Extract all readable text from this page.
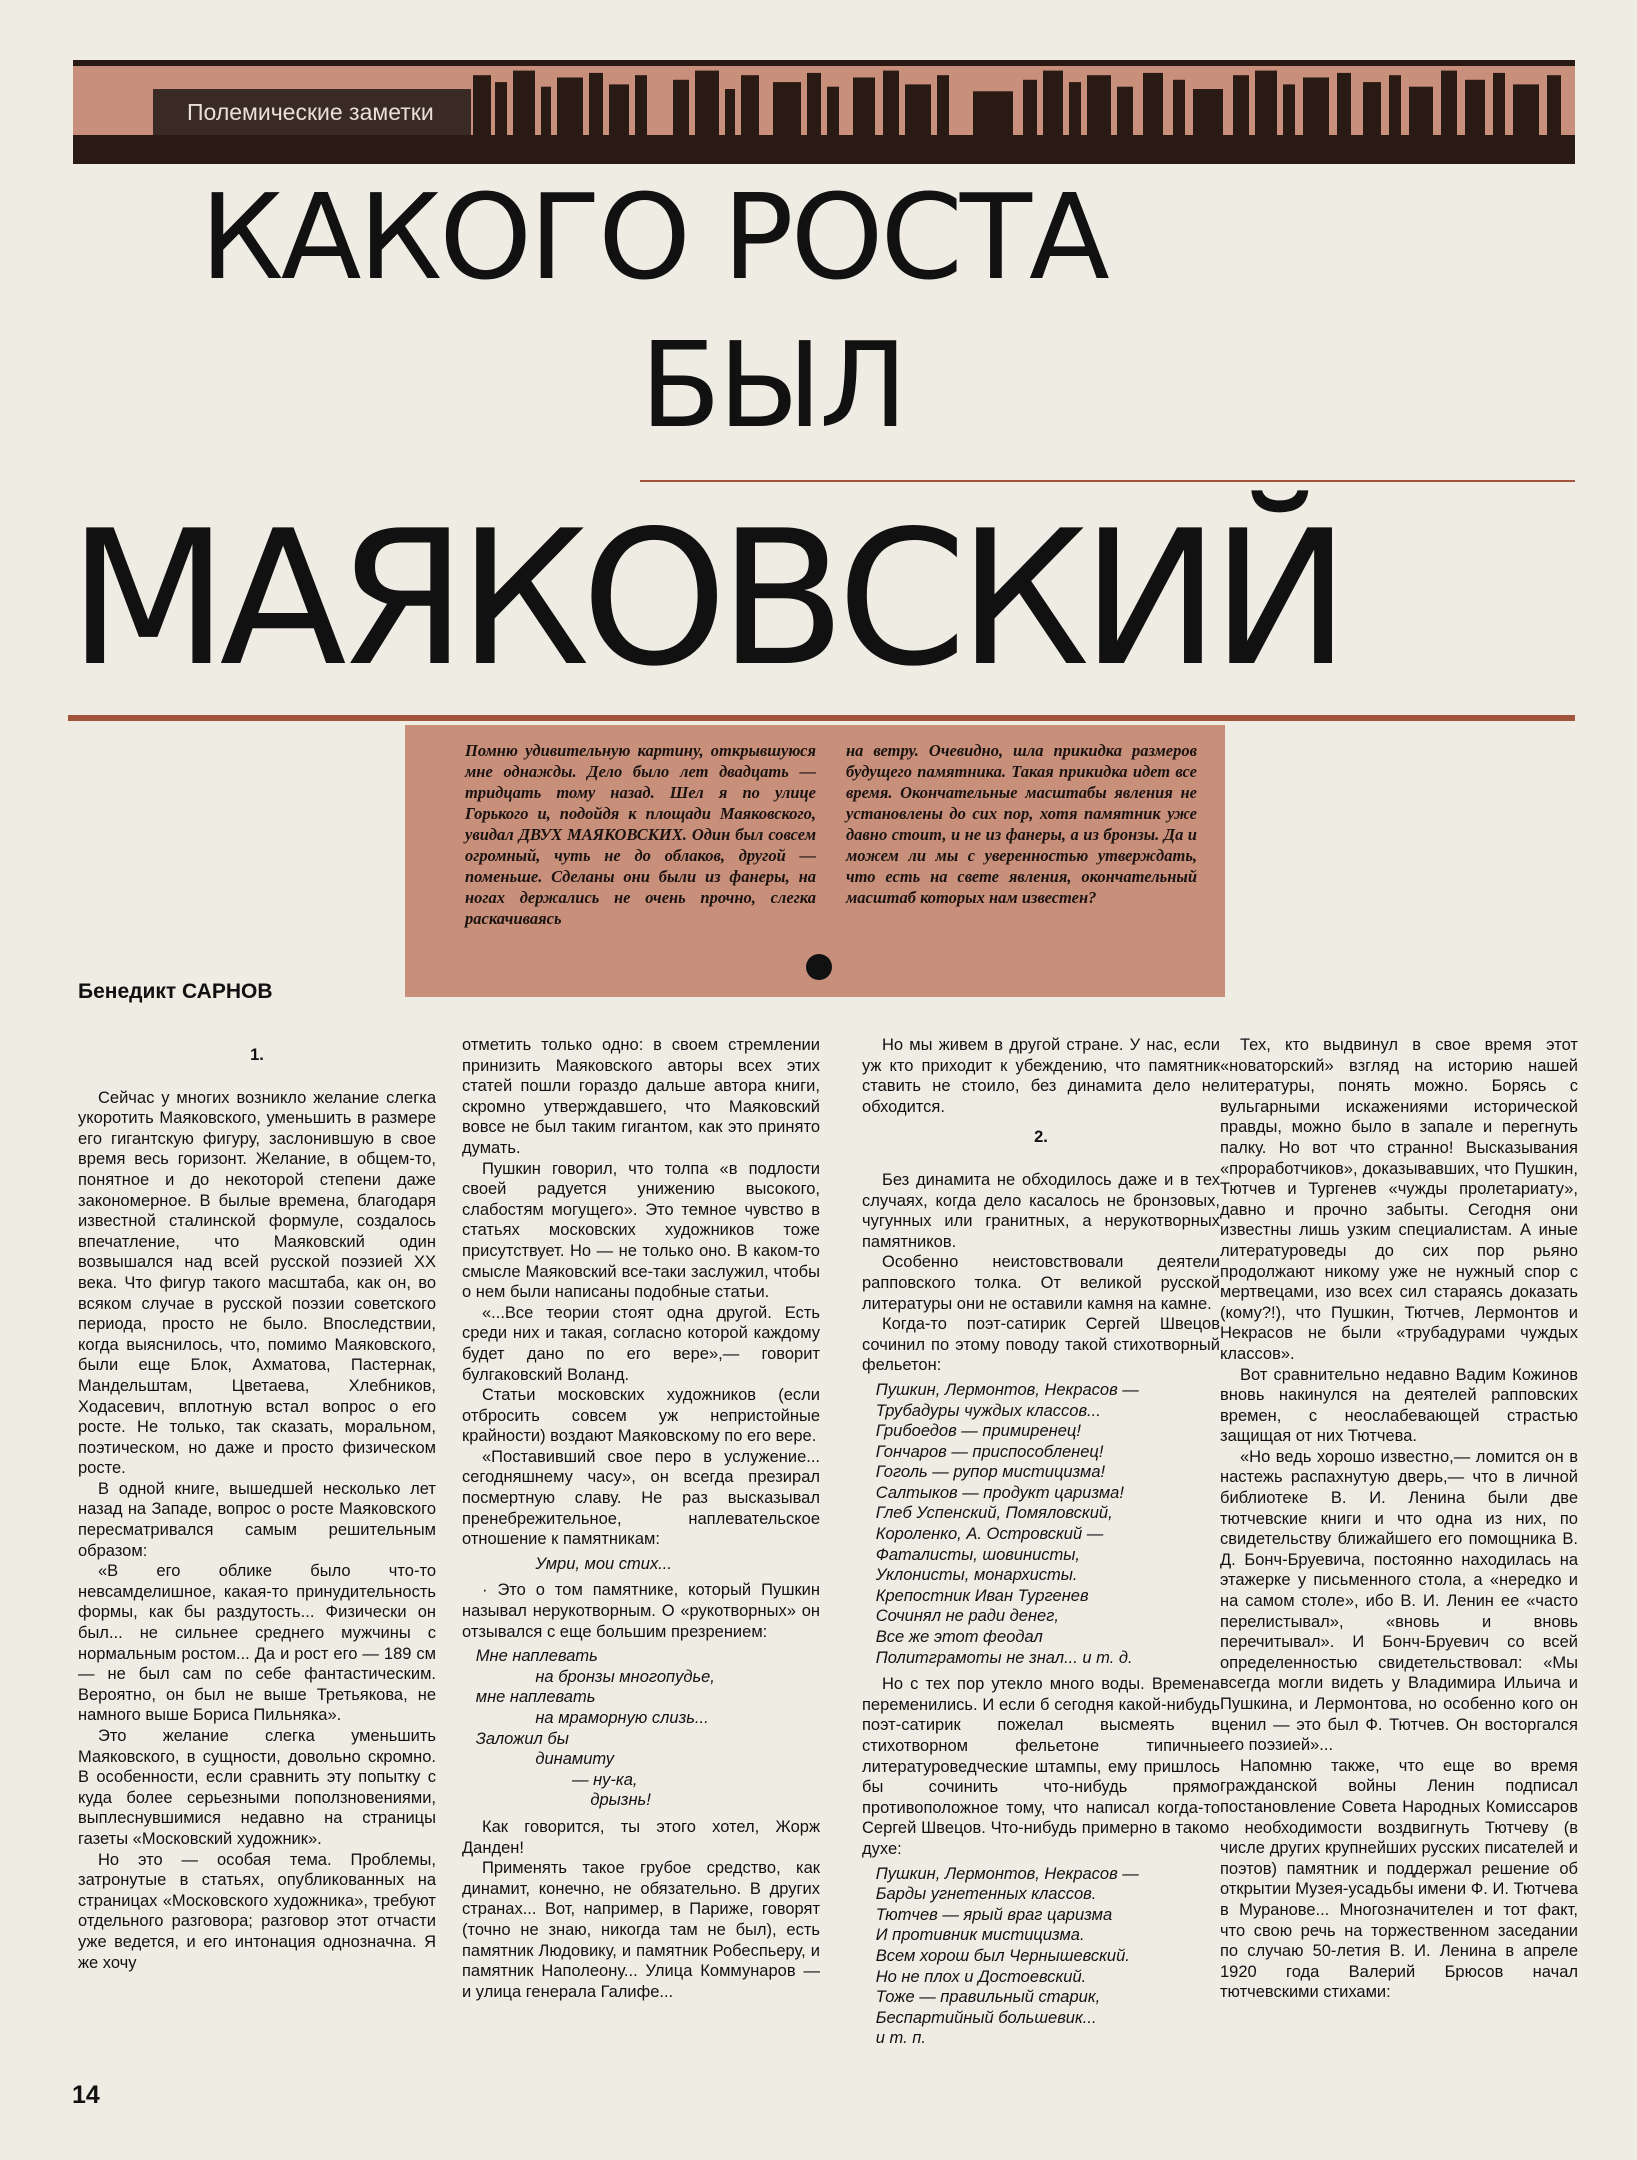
Полемические заметки
КАКОГО РОСТА
БЫЛ
МАЯКОВСКИЙ

Помню удивительную картину, открывшуюся мне однажды. Дело было лет двадцать — тридцать тому назад. Шел я по улице Горького и, подойдя к площади Маяковского, увидал ДВУХ МАЯКОВСКИХ. Один был совсем огромный, чуть не до облаков, другой — поменьше. Сделаны они были из фанеры, на ногах держались не очень прочно, слегка раскачиваясь

на ветру. Очевидно, шла прикидка размеров будущего памятника. Такая прикидка идет все время. Окончательные масштабы явления не установлены до сих пор, хотя памятник уже давно стоит, и не из фанеры, а из бронзы. Да и можем ли мы с уверенностью утверждать, что есть на свете явления, окончательный масштаб которых нам известен?

Бенедикт САРНОВ

1.

Сейчас у многих возникло желание слегка укоротить Маяковского, уменьшить в размере его гигантскую фигуру, заслонившую в свое время весь горизонт. Желание, в общем-то, понятное и до некоторой степени даже закономерное. В былые времена, благодаря известной сталинской формуле, создалось впечатление, что Маяковский один возвышался над всей русской поэзией XX века. Что фигур такого масштаба, как он, во всяком случае в русской поэзии советского периода, просто не было. Впоследствии, когда выяснилось, что, помимо Маяковского, были еще Блок, Ахматова, Пастернак, Мандельштам, Цветаева, Хлебников, Ходасевич, вплотную встал вопрос о его росте. Не только, так сказать, моральном, поэтическом, но даже и просто физическом росте.

В одной книге, вышедшей несколько лет назад на Западе, вопрос о росте Маяковского пересматривался самым решительным образом:

«В его облике было что-то невсамделишное, какая-то принудительность формы, как бы раздутость... Физически он был... не сильнее среднего мужчины с нормальным ростом... Да и рост его — 189 см — не был сам по себе фантастическим. Вероятно, он был не выше Третьякова, не намного выше Бориса Пильняка».

Это желание слегка уменьшить Маяковского, в сущности, довольно скромно. В особенности, если сравнить эту попытку с куда более серьезными поползновениями, выплеснувшимися недавно на страницы газеты «Московский художник».

Но это — особая тема. Проблемы, затронутые в статьях, опубликованных на страницах «Московского художника», требуют отдельного разговора; разговор этот отчасти уже ведется, и его интонация однозначна. Я же хочу

отметить только одно: в своем стремлении принизить Маяковского авторы всех этих статей пошли гораздо дальше автора книги, скромно утверждавшего, что Маяковский вовсе не был таким гигантом, как это принято думать.

Пушкин говорил, что толпа «в подлости своей радуется унижению высокого, слабостям могущего». Это темное чувство в статьях московских художников тоже присутствует. Но — не только оно. В каком-то смысле Маяковский все-таки заслужил, чтобы о нем были написаны подобные статьи.

«...Все теории стоят одна другой. Есть среди них и такая, согласно которой каждому будет дано по его вере»,— говорит булгаковский Воланд.

Статьи московских художников (если отбросить совсем уж непристойные крайности) воздают Маяковскому по его вере.

«Поставивший свое перо в услужение... сегодняшнему часу», он всегда презирал посмертную славу. Не раз высказывал пренебрежительное, наплевательское отношение к памятникам:

Умри, мои стих...

· Это о том памятнике, который Пушкин называл нерукотворным. О «рукотворных» он отзывался с еще большим презрением:

Мне наплевать
на бронзы многопудье,
мне наплевать
на мраморную слизь...
Заложил бы
динамиту
— ну-ка,
дрызнь!

Как говорится, ты этого хотел, Жорж Данден!

Применять такое грубое средство, как динамит, конечно, не обязательно. В других странах... Вот, например, в Париже, говорят (точно не знаю, никогда там не был), есть памятник Людовику, и памятник Робеспьеру, и памятник Наполеону... Улица Коммунаров — и улица генерала Галифе...

Но мы живем в другой стране. У нас, если уж кто приходит к убеждению, что памятник ставить не стоило, без динамита дело не обходится.

2.

Без динамита не обходилось даже и в тех случаях, когда дело касалось не бронзовых, чугунных или гранитных, а нерукотворных памятников.

Особенно неистовствовали деятели рапповского толка. От великой русской литературы они не оставили камня на камне.

Когда-то поэт-сатирик Сергей Швецов сочинил по этому поводу такой стихотворный фельетон:

Пушкин, Лермонтов, Некрасов —
Трубадуры чуждых классов...
Грибоедов — примиренец!
Гончаров — приспособленец!
Гоголь — рупор мистицизма!
Салтыков — продукт царизма!
Глеб Успенский, Помяловский,
Короленко, А. Островский —
Фаталисты, шовинисты,
Уклонисты, монархисты.
Крепостник Иван Тургенев
Сочинял не ради денег,
Все же этот феодал
Политграмоты не знал... и т. д.

Но с тех пор утекло много воды. Времена переменились. И если б сегодня какой-нибудь поэт-сатирик пожелал высмеять в стихотворном фельетоне типичные литературоведческие штампы, ему пришлось бы сочинить что-нибудь прямо противоположное тому, что написал когда-то Сергей Швецов. Что-нибудь примерно в таком духе:

Пушкин, Лермонтов, Некрасов —
Барды угнетенных классов.
Тютчев — ярый враг царизма
И противник мистицизма.
Всем хорош был Чернышевский.
Но не плох и Достоевский.
Тоже — правильный старик,
Беспартийный большевик...
и т. п.

Тех, кто выдвинул в свое время этот «новаторский» взгляд на историю нашей литературы, понять можно. Борясь с вульгарными искажениями исторической правды, можно было в запале и перегнуть палку. Но вот что странно! Высказывания «проработчиков», доказывавших, что Пушкин, Тютчев и Тургенев «чужды пролетариату», давно и прочно забыты. Сегодня они известны лишь узким специалистам. А иные литературоведы до сих пор рьяно продолжают никому уже не нужный спор с мертвецами, изо всех сил стараясь доказать (кому?!), что Пушкин, Тютчев, Лермонтов и Некрасов не были «трубадурами чуждых классов».

Вот сравнительно недавно Вадим Кожинов вновь накинулся на деятелей рапповских времен, с неослабевающей страстью защищая от них Тютчева.

«Но ведь хорошо известно,— ломится он в настежь распахнутую дверь,— что в личной библиотеке В. И. Ленина были две тютчевские книги и что одна из них, по свидетельству ближайшего его помощника В. Д. Бонч-Бруевича, постоянно находилась на этажерке у письменного стола, а «нередко и на самом столе», ибо В. И. Ленин ее «часто перелистывал», «вновь и вновь перечитывал». И Бонч-Бруевич со всей определенностью свидетельствовал: «Мы всегда могли видеть у Владимира Ильича и Пушкина, и Лермонтова, но особенно кого он ценил — это был Ф. Тютчев. Он восторгался его поэзией»...

Напомню также, что еще во время гражданской войны Ленин подписал постановление Совета Народных Комиссаров о необходимости воздвигнуть Тютчеву (в числе других крупнейших русских писателей и поэтов) памятник и поддержал решение об открытии Музея-усадьбы имени Ф. И. Тютчева в Муранове... Многозначителен и тот факт, что свою речь на торжественном заседании по случаю 50-летия В. И. Ленина в апреле 1920 года Валерий Брюсов начал тютчевскими стихами:

14
